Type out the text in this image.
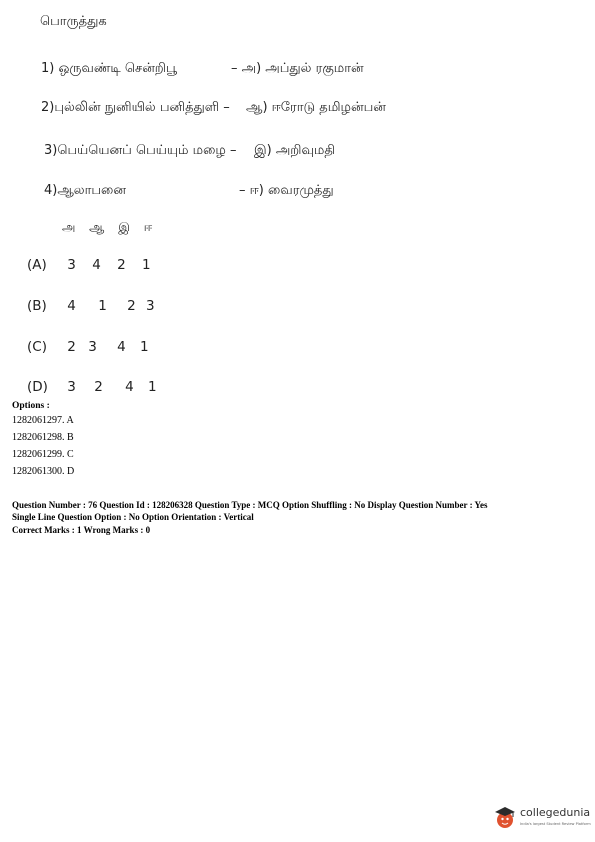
பொருத்துக
1) ஒருவண்டி சென்றிபூ	– அ) அப்துல் ரகுமான்
2)புல்லின் நுனியில் பனித்துளி – ஆ) ஈரோடு தமிழன்பன்
3)பெய்யெனப் பெய்யும் மழை – இ) அறிவுமதி
4)ஆலாபனை	– ஈ) வைரமுத்து
அ ஆ இ ஈ
(A) 3 4 2 1
(B) 4 1 2 3
(C) 2 3 4 1
(D) 3 2 4 1
Options :
1282061297. A
1282061298. B
1282061299. C
1282061300. D
Question Number : 76 Question Id : 128206328 Question Type : MCQ Option Shuffling : No Display Question Number : Yes
Single Line Question Option : No Option Orientation : Vertical
Correct Marks : 1 Wrong Marks : 0
collegedunia
India's largest Student Review Platform
